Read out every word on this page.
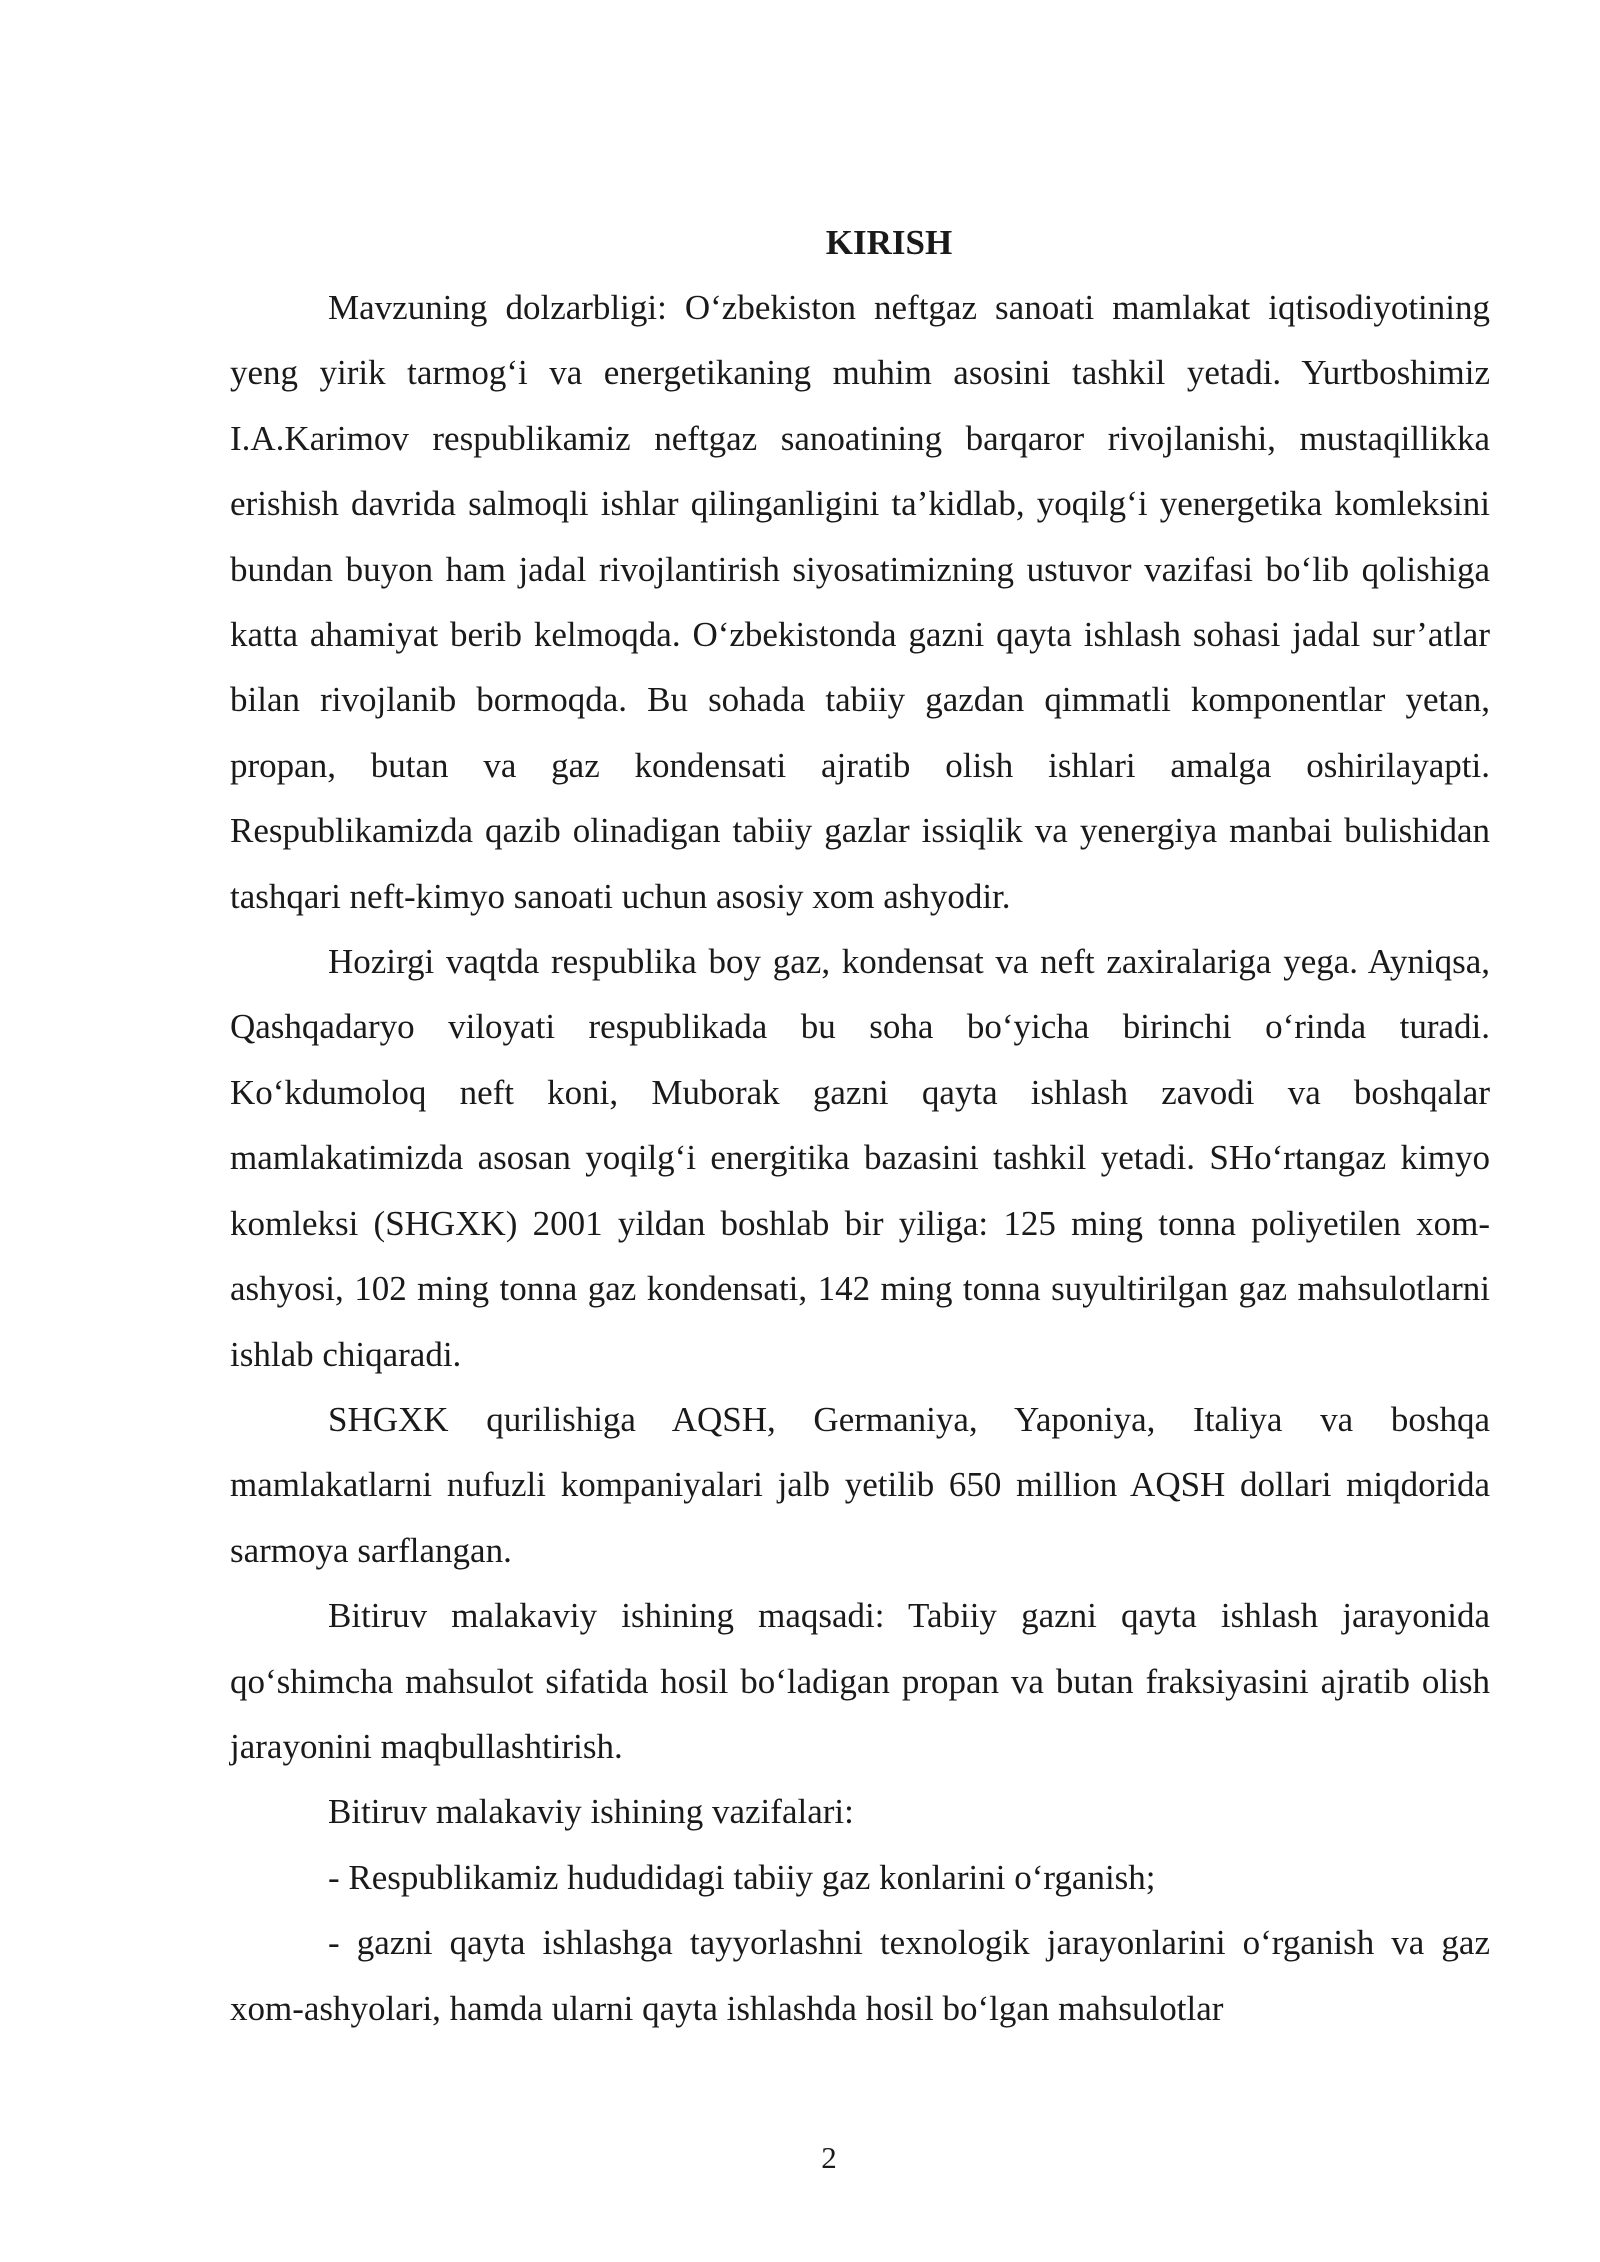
KIRISH

Mavzuning dolzarbligi: O‘zbekiston neftgaz sanoati mamlakat iqtisodiyotining yeng yirik tarmog‘i va energetikaning muhim asosini tashkil yetadi. Yurtboshimiz I.A.Karimov respublikamiz neftgaz sanoatining barqaror rivojlanishi, mustaqillikka erishish davrida salmoqli ishlar qilinganligini ta’kidlab, yoqilg‘i yenergetika komleksini bundan buyon ham jadal rivojlantirish siyosatimizning ustuvor vazifasi bo‘lib qolishiga katta ahamiyat berib kelmoqda. O‘zbekistonda gazni qayta ishlash sohasi jadal sur’atlar bilan rivojlanib bormoqda. Bu sohada tabiiy gazdan qimmatli komponentlar yetan, propan, butan va gaz kondensati ajratib olish ishlari amalga oshirilayapti. Respublikamizda qazib olinadigan tabiiy gazlar issiqlik va yenergiya manbai bulishidan tashqari neft-kimyo sanoati uchun asosiy xom ashyodir.

Hozirgi vaqtda respublika boy gaz, kondensat va neft zaxiralariga yega. Ayniqsa, Qashqadaryo viloyati respublikada bu soha bo‘yicha birinchi o‘rinda turadi. Ko‘kdumoloq neft koni, Muborak gazni qayta ishlash zavodi va boshqalar mamlakatimizda asosan yoqilg‘i energitika bazasini tashkil yetadi. SHo‘rtangaz kimyo komleksi (SHGXK) 2001 yildan boshlab bir yiliga: 125 ming tonna poliyetilen xom-ashyosi, 102 ming tonna gaz kondensati, 142 ming tonna suyultirilgan gaz mahsulotlarni ishlab chiqaradi.

SHGXK qurilishiga AQSH, Germaniya, Yaponiya, Italiya va boshqa mamlakatlarni nufuzli kompaniyalari jalb yetilib 650 million AQSH dollari miqdorida sarmoya sarflangan.

Bitiruv malakaviy ishining maqsadi: Tabiiy gazni qayta ishlash jarayonida qo‘shimcha mahsulot sifatida hosil bo‘ladigan propan va butan fraksiyasini ajratib olish jarayonini maqbullashtirish.

Bitiruv malakaviy ishining vazifalari:

- Respublikamiz hududidagi tabiiy gaz konlarini o‘rganish;

- gazni qayta ishlashga tayyorlashni texnologik jarayonlarini o‘rganish va gaz xom-ashyolari, hamda ularni qayta ishlashda hosil bo‘lgan mahsulotlar

2
